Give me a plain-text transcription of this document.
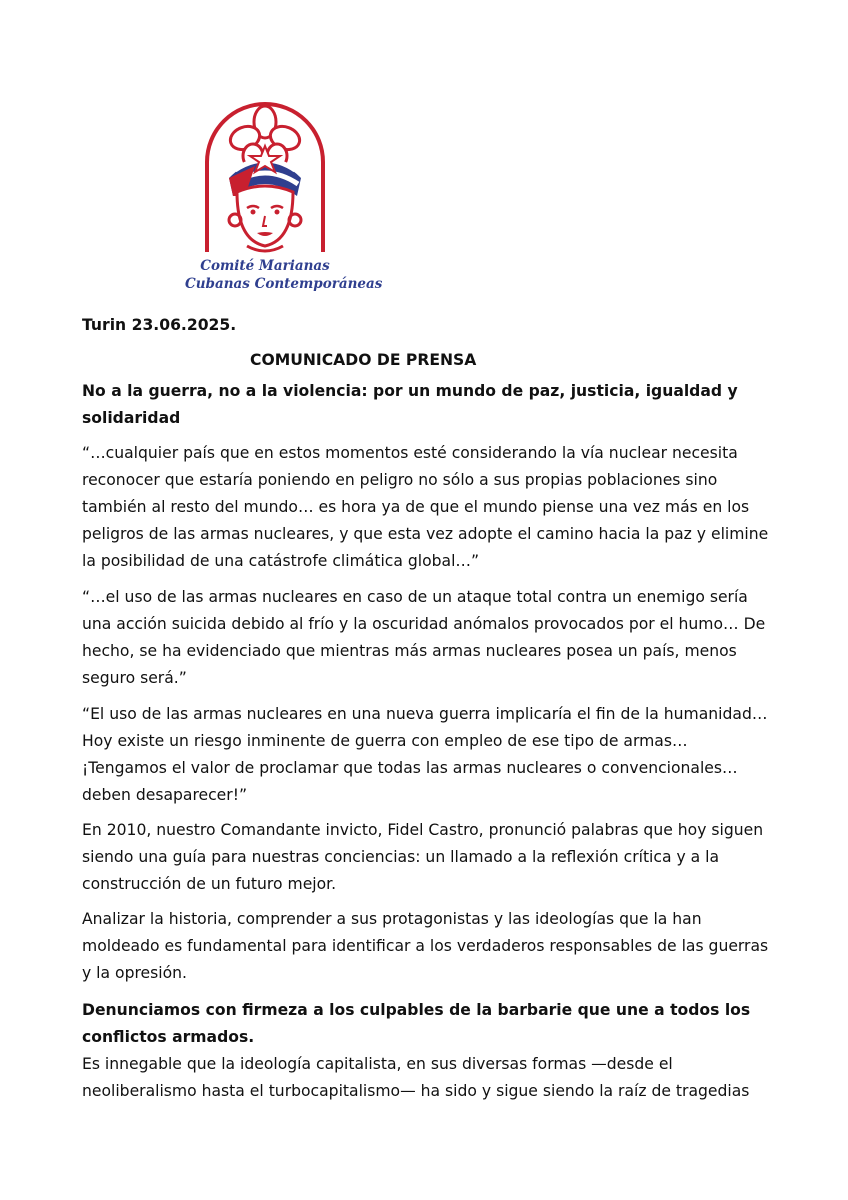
Comité Marianas
Cubanas Contemporáneas
Turin 23.06.2025.
COMUNICADO DE PRENSA

No a la guerra, no a la violencia: por un mundo de paz, justicia, igualdad y solidaridad

“…cualquier país que en estos momentos esté considerando la vía nuclear necesita reconocer que estaría poniendo en peligro no sólo a sus propias poblaciones sino también al resto del mundo… es hora ya de que el mundo piense una vez más en los peligros de las armas nucleares, y que esta vez adopte el camino hacia la paz y elimine la posibilidad de una catástrofe climática global…”

“…el uso de las armas nucleares en caso de un ataque total contra un enemigo sería una acción suicida debido al frío y la oscuridad anómalos provocados por el humo… De hecho, se ha evidenciado que mientras más armas nucleares posea un país, menos seguro será.”

“El uso de las armas nucleares en una nueva guerra implicaría el fin de la humanidad… Hoy existe un riesgo inminente de guerra con empleo de ese tipo de armas… ¡Tengamos el valor de proclamar que todas las armas nucleares o convencionales… deben desaparecer!”

En 2010, nuestro Comandante invicto, Fidel Castro, pronunció palabras que hoy siguen siendo una guía para nuestras conciencias: un llamado a la reflexión crítica y a la construcción de un futuro mejor.

Analizar la historia, comprender a sus protagonistas y las ideologías que la han moldeado es fundamental para identificar a los verdaderos responsables de las guerras y la opresión.

Denunciamos con firmeza a los culpables de la barbarie que une a todos los conflictos armados.
Es innegable que la ideología capitalista, en sus diversas formas —desde el neoliberalismo hasta el turbocapitalismo— ha sido y sigue siendo la raíz de tragedias
